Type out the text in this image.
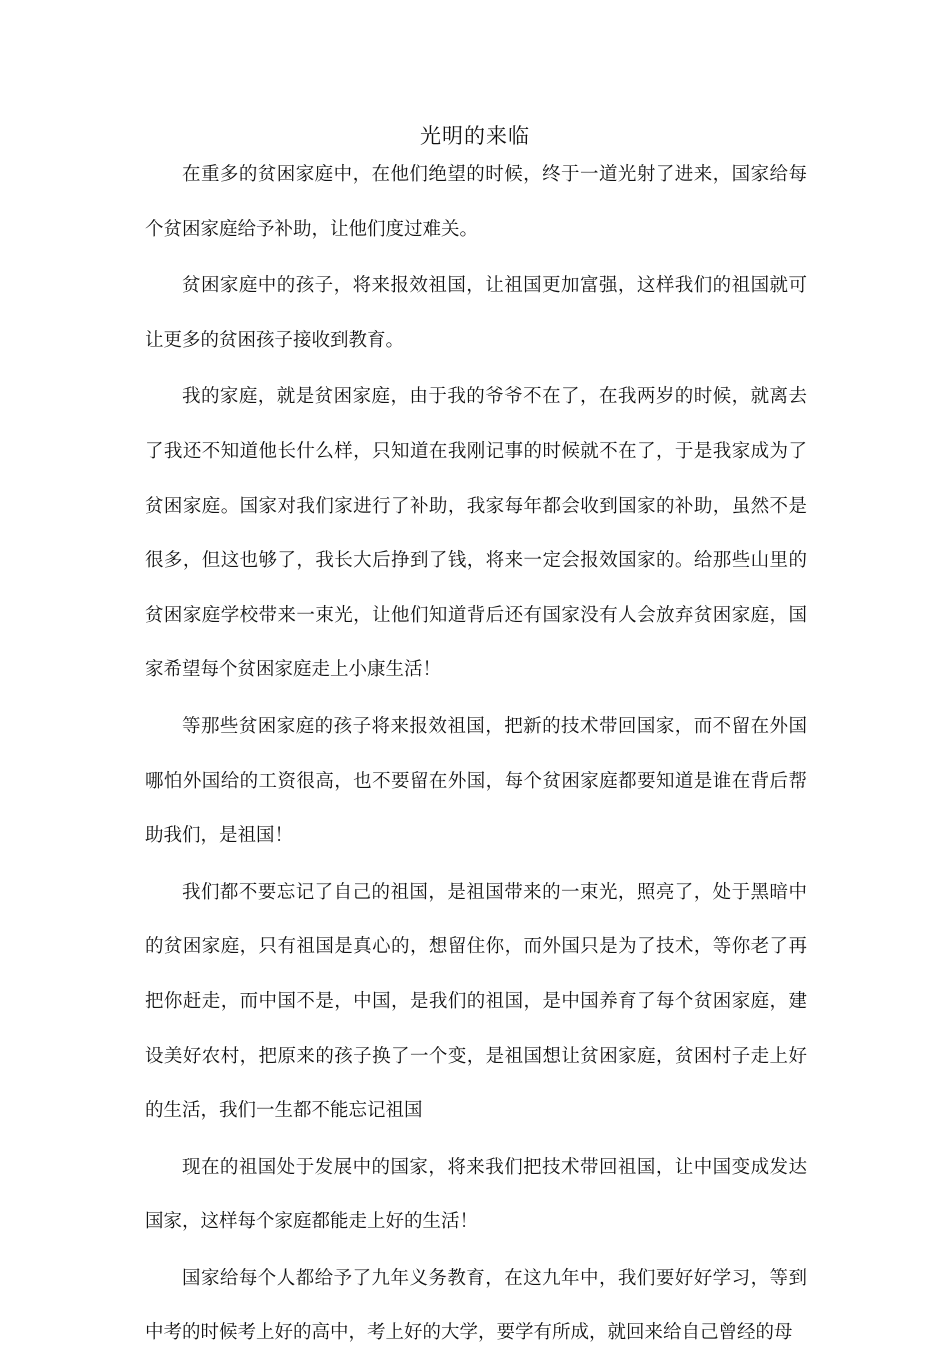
光明的来临

在重多的贫困家庭中，在他们绝望的时候，终于一道光射了进来，国家给每个贫困家庭给予补助，让他们度过难关。

贫困家庭中的孩子，将来报效祖国，让祖国更加富强，这样我们的祖国就可让更多的贫困孩子接收到教育。

我的家庭，就是贫困家庭，由于我的爷爷不在了，在我两岁的时候，就离去了我还不知道他长什么样，只知道在我刚记事的时候就不在了，于是我家成为了贫困家庭。国家对我们家进行了补助，我家每年都会收到国家的补助，虽然不是很多，但这也够了，我长大后挣到了钱，将来一定会报效国家的。给那些山里的贫困家庭学校带来一束光，让他们知道背后还有国家没有人会放弃贫困家庭，国家希望每个贫困家庭走上小康生活！

等那些贫困家庭的孩子将来报效祖国，把新的技术带回国家，而不留在外国哪怕外国给的工资很高，也不要留在外国，每个贫困家庭都要知道是谁在背后帮助我们，是祖国！

我们都不要忘记了自己的祖国，是祖国带来的一束光，照亮了，处于黑暗中的贫困家庭，只有祖国是真心的，想留住你，而外国只是为了技术，等你老了再把你赶走，而中国不是，中国，是我们的祖国，是中国养育了每个贫困家庭，建设美好农村，把原来的孩子换了一个变，是祖国想让贫困家庭，贫困村子走上好的生活，我们一生都不能忘记祖国

现在的祖国处于发展中的国家，将来我们把技术带回祖国，让中国变成发达国家，这样每个家庭都能走上好的生活！

国家给每个人都给予了九年义务教育，在这九年中，我们要好好学习，等到中考的时候考上好的高中，考上好的大学，要学有所成，就回来给自己曾经的母
